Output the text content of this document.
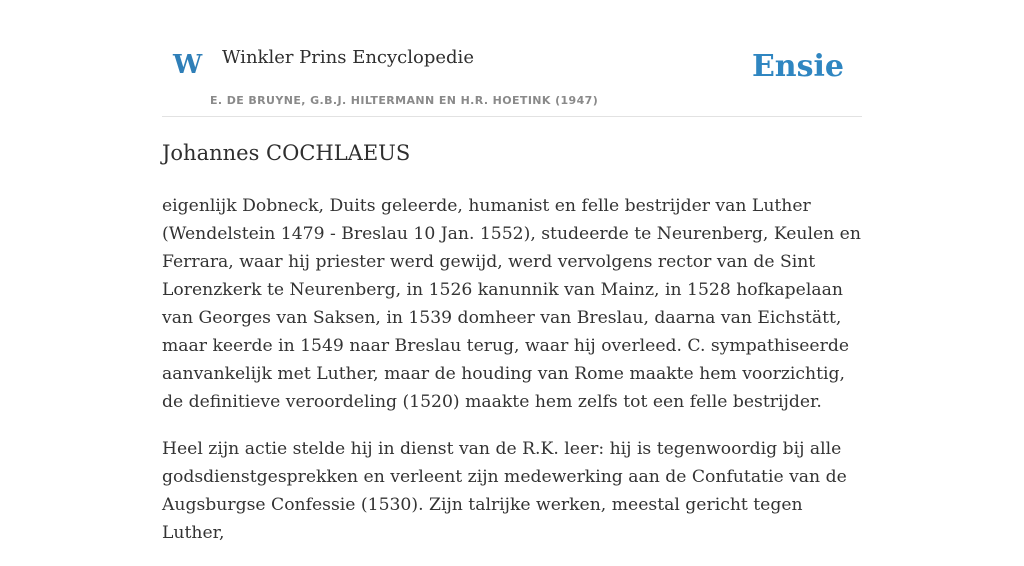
W Winkler Prins Encyclopedie
E. DE BRUYNE, G.B.J. HILTERMANN EN H.R. HOETINK (1947)
Ensie
Johannes COCHLAEUS

eigenlijk Dobneck, Duits geleerde, humanist en felle bestrijder van Luther (Wendelstein 1479 - Breslau 10 Jan. 1552), studeerde te Neurenberg, Keulen en Ferrara, waar hij priester werd gewijd, werd vervolgens rector van de Sint Lorenzkerk te Neurenberg, in 1526 kanunnik van Mainz, in 1528 hofkapelaan van Georges van Saksen, in 1539 domheer van Breslau, daarna van Eichstätt, maar keerde in 1549 naar Breslau terug, waar hij overleed. C. sympathiseerde aanvankelijk met Luther, maar de houding van Rome maakte hem voorzichtig, de definitieve veroordeling (1520) maakte hem zelfs tot een felle bestrijder.

Heel zijn actie stelde hij in dienst van de R.K. leer: hij is tegenwoordig bij alle godsdienstgesprekken en verleent zijn medewerking aan de Confutatie van de Augsburgse Confessie (1530). Zijn talrijke werken, meestal gericht tegen Luther,
